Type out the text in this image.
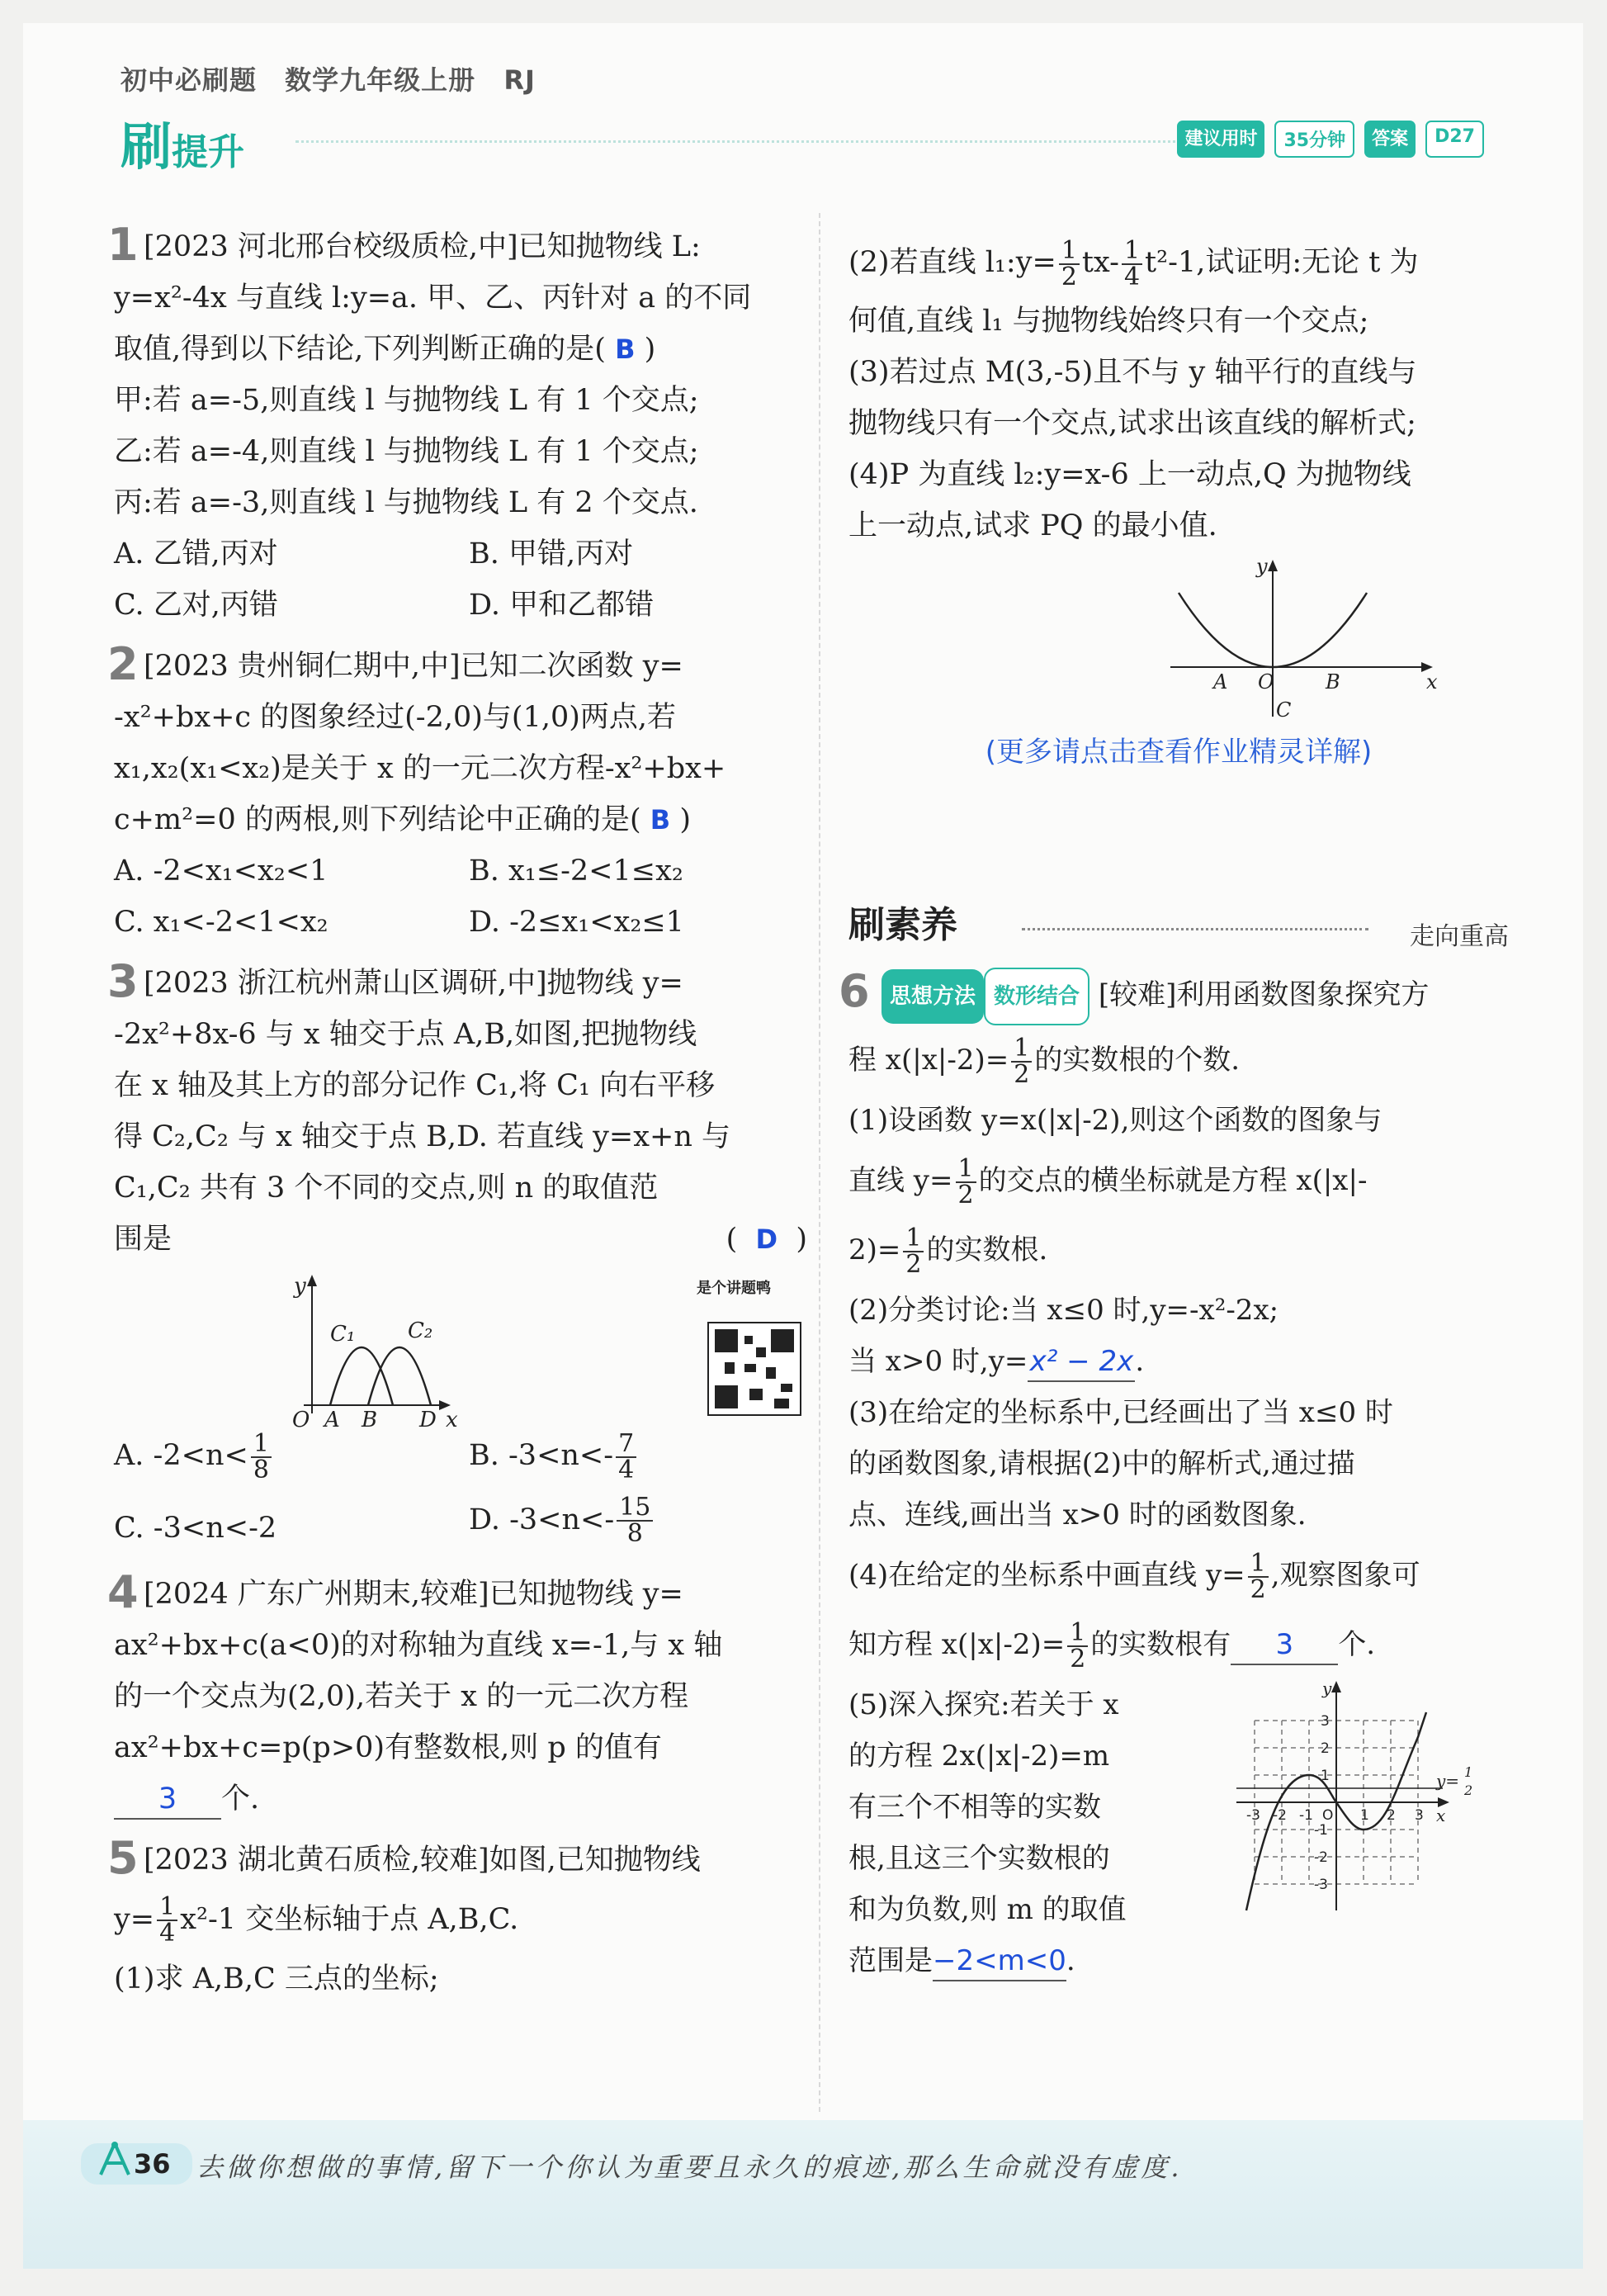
初中必刷题 数学九年级上册 RJ
刷提升	建议用时	35分钟	答案	D27
1 [2023 河北邢台校级质检,中]已知抛物线 L:

y=x²-4x 与直线 l:y=a. 甲、乙、丙针对 a 的不同

取值,得到以下结论,下列判断正确的是( B )

甲:若 a=-5,则直线 l 与抛物线 L 有 1 个交点;

乙:若 a=-4,则直线 l 与抛物线 L 有 1 个交点;

丙:若 a=-3,则直线 l 与抛物线 L 有 2 个交点.

A. 乙错,丙对	B. 甲错,丙对
C. 乙对,丙错	D. 甲和乙都错
2 [2023 贵州铜仁期中,中]已知二次函数 y=

-x²+bx+c 的图象经过(-2,0)与(1,0)两点,若

x₁,x₂(x₁<x₂)是关于 x 的一元二次方程-x²+bx+

c+m²=0 的两根,则下列结论中正确的是( B )

A. -2<x₁<x₂<1	B. x₁≤-2<1≤x₂
C. x₁<-2<1<x₂	D. -2≤x₁<x₂≤1
3 [2023 浙江杭州萧山区调研,中]抛物线 y=

-2x²+8x-6 与 x 轴交于点 A,B,如图,把抛物线

在 x 轴及其上方的部分记作 C₁,将 C₁ 向右平移

得 C₂,C₂ 与 x 轴交于点 B,D. 若直线 y=x+n 与

C₁,C₂ 共有 3 个不同的交点,则 n 的取值范

围是	( D )

y
C₁ C₂
O A B D x
是个讲题鸭
A. $-2<n< \frac{1}{8}$	B. $-3<n<- \frac{7}{4}$
C. -3<n<-2	D. $-3<n<- \frac{15}{8}$
4 [2024 广东广州期末,较难]已知抛物线 y=

ax²+bx+c(a<0)的对称轴为直线 x=-1,与 x 轴

的一个交点为(2,0),若关于 x 的一元二次方程

ax²+bx+c=p(p>0)有整数根,则 p 的值有

3 个.

5 [2023 湖北黄石质检,较难]如图,已知抛物线

$y= \frac{1}{4} x^2-1$ 交坐标轴于点 A,B,C.

(1)求 A,B,C 三点的坐标;

(2)若直线 l₁:y= $\frac{1}{2} tx- \frac{1}{4} t^2-1$,试证明:无论 t 为

何值,直线 l₁ 与抛物线始终只有一个交点;

(3)若过点 M(3,-5)且不与 y 轴平行的直线与

抛物线只有一个交点,试求出该直线的解析式;

(4)P 为直线 l₂:y=x-6 上一动点,Q 为抛物线

上一动点,试求 PQ 的最小值.

y
A O	B	x
C
(更多请点击查看作业精灵详解)
刷素养	走向重高
6 思想方法 数形结合 [较难]利用函数图象探究方

程 $x(|x|-2)= \frac{1}{2}$ 的实数根的个数.

(1)设函数 y=x(|x|-2),则这个函数的图象与

直线 $y= \frac{1}{2}$ 的交点的横坐标就是方程 x(|x|-

$2)= \frac{1}{2}$ 的实数根.

(2)分类讨论:当 x≤0 时,y=-x²-2x;

当 x>0 时,y=x² − 2x.

(3)在给定的坐标系中,已经画出了当 x≤0 时

的函数图象,请根据(2)中的解析式,通过描

点、连线,画出当 x>0 时的函数图象.

(4)在给定的坐标系中画直线 $y= \frac{1}{2}$ ,观察图象可

知方程 $x(|x|-2)= \frac{1}{2}$ 的实数根有 3 个.

(5)深入探究:若关于 x

的方程 2x(|x|-2)=m

有三个不相等的实数

根,且这三个实数根的

和为负数,则 m 的取值

范围是−2<m<0.

y
x
y= 1
2
-3 -2 -1 O 1 2 3
3
2
1
-1
-2
-3
36 去做你想做的事情,留下一个你认为重要且永久的痕迹,那么生命就没有虚度.
